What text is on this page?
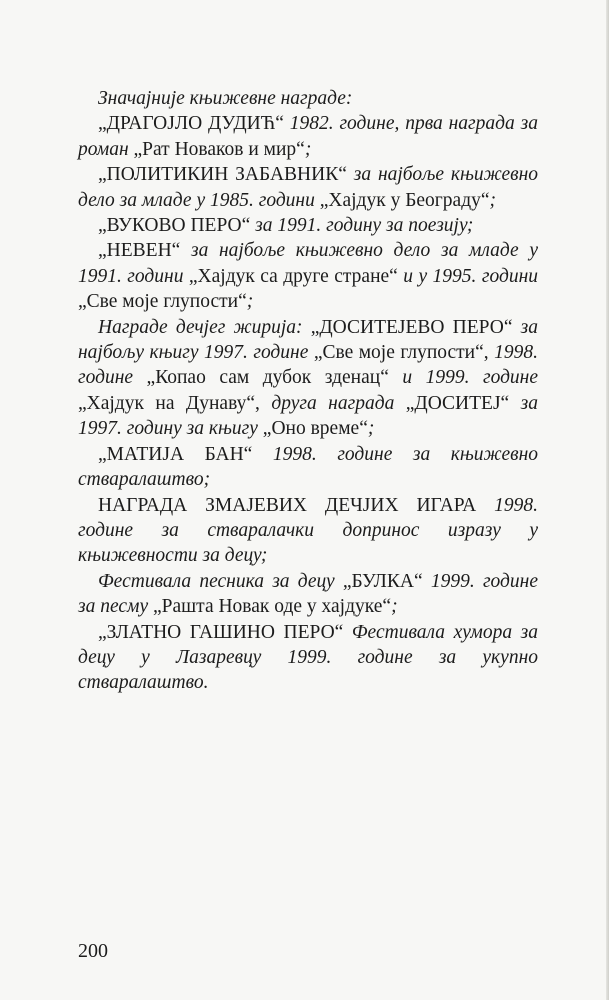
Значајније књижевне награде:

„ДРАГОЈЛО ДУДИЋ“ 1982. године, прва награда за роман „Рат Новаков и мир“;

„ПОЛИТИКИН ЗАБАВНИК“ за најбоље књижевно дело за младе у 1985. години „Хајдук у Београду“;

„ВУКОВО ПЕРО“ за 1991. годину за поезију;

„НЕВЕН“ за најбоље књижевно дело за младе у 1991. години „Хајдук са друге стране“ и у 1995. години „Све моје глупости“;

Награде дечјег жирија: „ДОСИТЕЈЕВО ПЕРО“ за најбољу књигу 1997. године „Све моје глупости“, 1998. године „Копао сам дубок зденац“ и 1999. године „Хајдук на Дунаву“, друга награда „ДОСИТЕЈ“ за 1997. годину за књигу „Оно време“;

„МАТИЈА БАН“ 1998. године за књижевно стваралаштво;

НАГРАДА ЗМАЈЕВИХ ДЕЧЈИХ ИГАРА 1998. године за стваралачки допринос изразу у књижевности за децу;

Фестивала песника за децу „БУЛКА“ 1999. године за песму „Рашта Новак оде у хајдуке“;

„ЗЛАТНО ГАШИНО ПЕРО“ Фестивала хумора за децу у Лазаревцу 1999. године за укупно стваралаштво.

200
